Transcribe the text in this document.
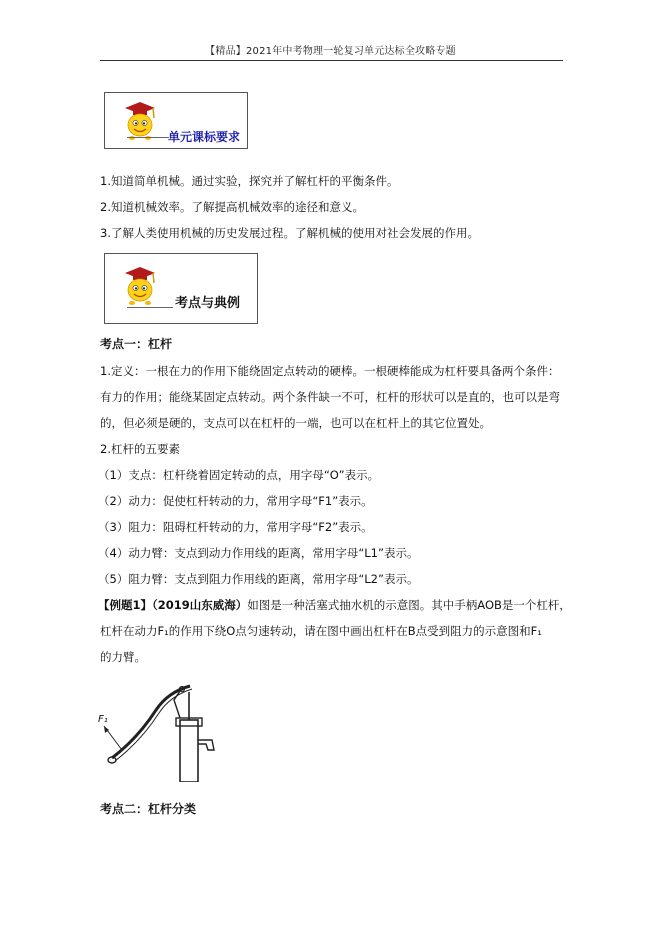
【精品】2021年中考物理一轮复习单元达标全攻略专题
单元课标要求
1.知道简单机械。通过实验，探究并了解杠杆的平衡条件。
2.知道机械效率。了解提高机械效率的途径和意义。
3.了解人类使用机械的历史发展过程。了解机械的使用对社会发展的作用。
考点与典例
考点一：杠杆
1.定义：一根在力的作用下能绕固定点转动的硬棒。一根硬棒能成为杠杆要具备两个条件：
有力的作用；能绕某固定点转动。两个条件缺一不可，杠杆的形状可以是直的，也可以是弯
的，但必须是硬的，支点可以在杠杆的一端，也可以在杠杆上的其它位置处。
2.杠杆的五要素
（1）支点：杠杆绕着固定转动的点，用字母“O”表示。
（2）动力：促使杠杆转动的力，常用字母“F1”表示。
（3）阻力：阻碍杠杆转动的力，常用字母“F2”表示。
（4）动力臂：支点到动力作用线的距离，常用字母“L1”表示。
（5）阻力臂：支点到阻力作用线的距离，常用字母“L2”表示。
【例题1】（2019山东威海）如图是一种活塞式抽水机的示意图。其中手柄AOB是一个杠杆，
杠杆在动力F₁的作用下绕O点匀速转动，请在图中画出杠杆在B点受到阻力的示意图和F₁
的力臂。
F₁
考点二：杠杆分类
